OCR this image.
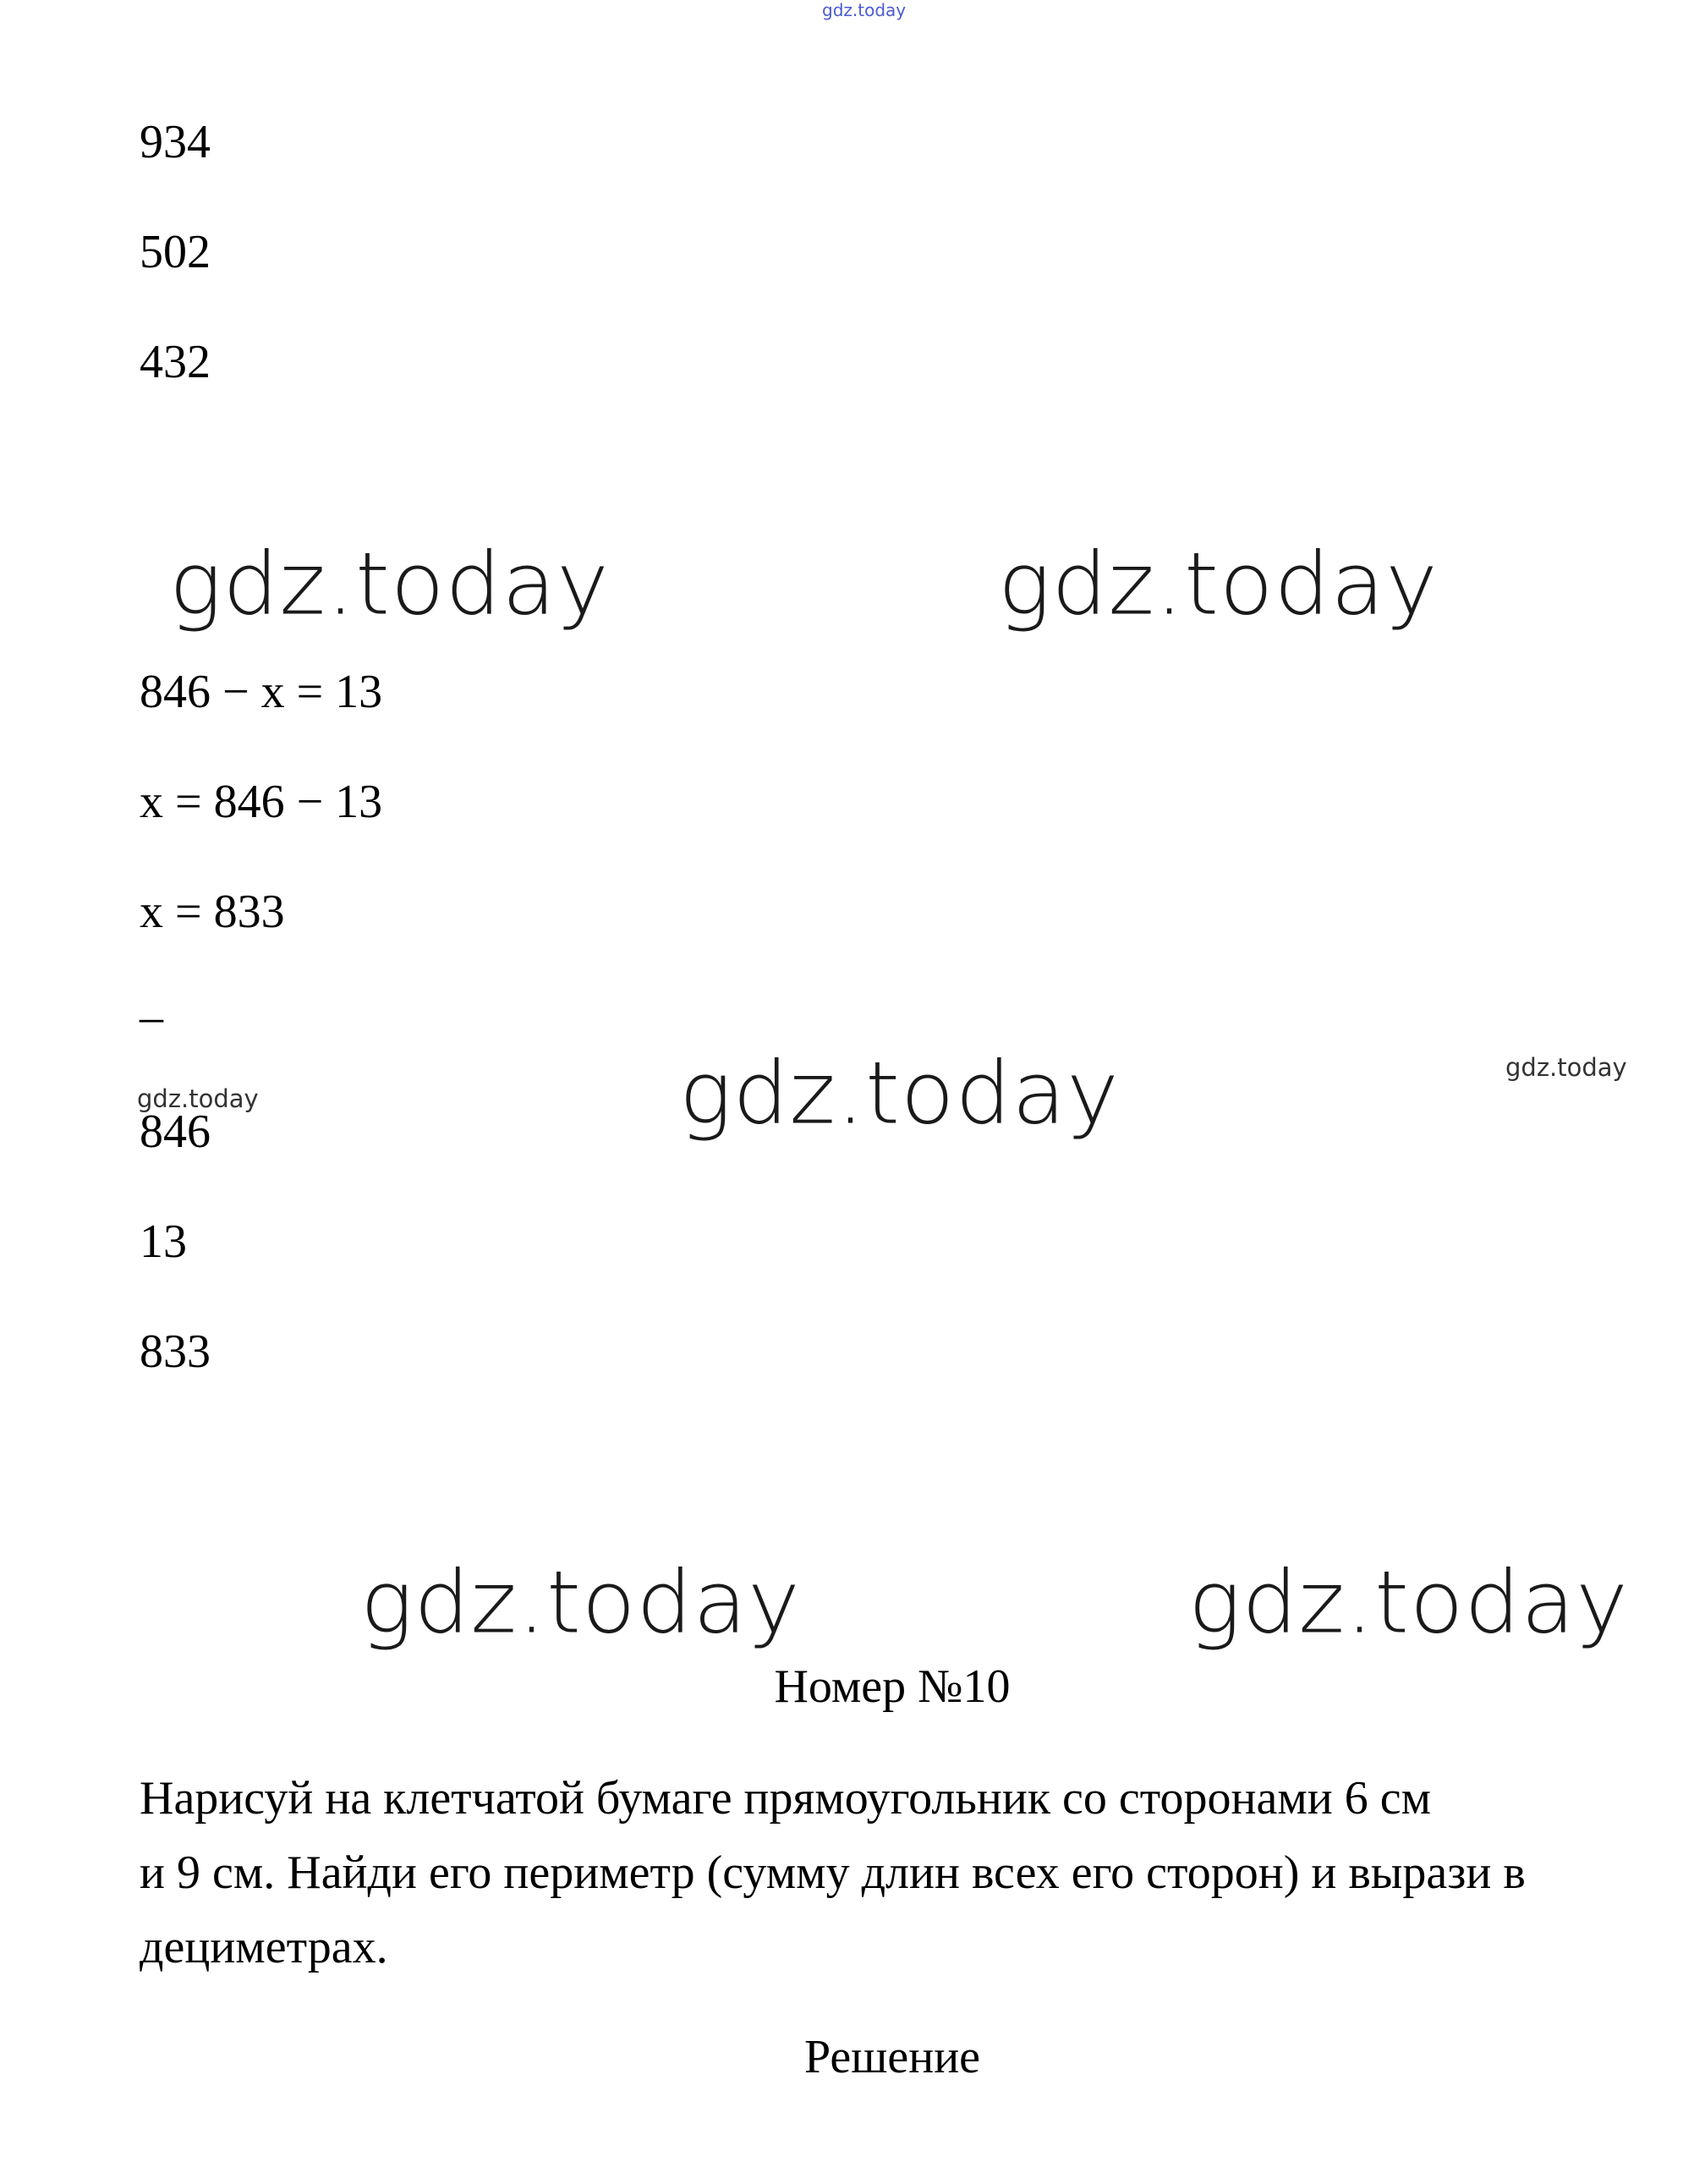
gdz.today
934
502
432
gdz.today	gdz.today
846 − x = 13
x = 846 − 13
x = 833
–
gdz.today	gdz.today	gdz.today
846
13
833
gdz.today	gdz.today
Номер №10
Нарисуй на клетчатой бумаге прямоугольник со сторонами 6 см
и 9 см. Найди его периметр (сумму длин всех его сторон) и вырази в
дециметрах.
Решение
